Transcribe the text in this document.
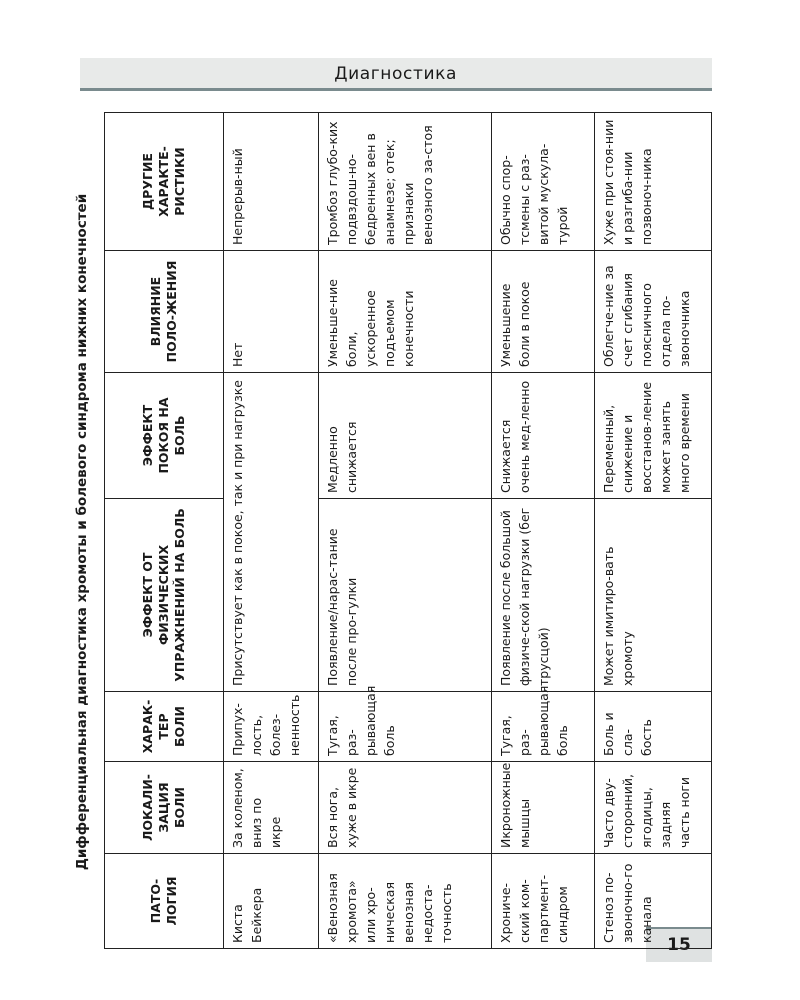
Диагностика
15
Дифференциальная диагностика хромоты и болевого синдрома нижних конечностей
ПАТО-ЛОГИЯ	ЛОКАЛИ-ЗАЦИЯ БОЛИ	ХАРАК-ТЕР БОЛИ	ЭФФЕКТ ОТ ФИЗИЧЕСКИХ УПРАЖНЕНИЙ НА БОЛЬ	ЭФФЕКТ ПОКОЯ НА БОЛЬ	ВЛИЯНИЕ ПОЛО-ЖЕНИЯ	ДРУГИЕ ХАРАКТЕ-РИСТИКИ
Киста Бейкера	За коленом, вниз по икре	Припух-лость, болез-ненность	Присутствует как в покое, так и при нагрузке		Нет	Непрерыв-ный
«Венозная хромота» или хро-ническая венозная недоста-точность	Вся нога, хуже в икре	Тугая, раз-рывающая боль	Появление/нарас-тание после про-гулки	Медленно снижается	Уменьше-ние боли, ускоренное подъемом конечности	Тромбоз глубо-ких подвздош-но-бедренных вен в анамнезе; отек; признаки венозного за-стоя
Хрониче-ский ком-партмент-синдром	Икроножные мышцы	Тугая, раз-рывающая боль	Появление после большой физиче-ской нагрузки (бег трусцой)	Снижается очень мед-ленно	Уменьшение боли в покое	Обычно спор-тсмены с раз-витой мускула-турой
Стеноз по-звоночно-го канала	Часто дву-сторонний, ягодицы, задняя часть ноги	Боль и сла-бость	Может имитиро-вать хромоту	Переменный, снижение и восстанов-ление может занять много времени	Облегче-ние за счет сгибания поясничного отдела по-звоночника	Хуже при стоя-нии и разгиба-нии позвоноч-ника
